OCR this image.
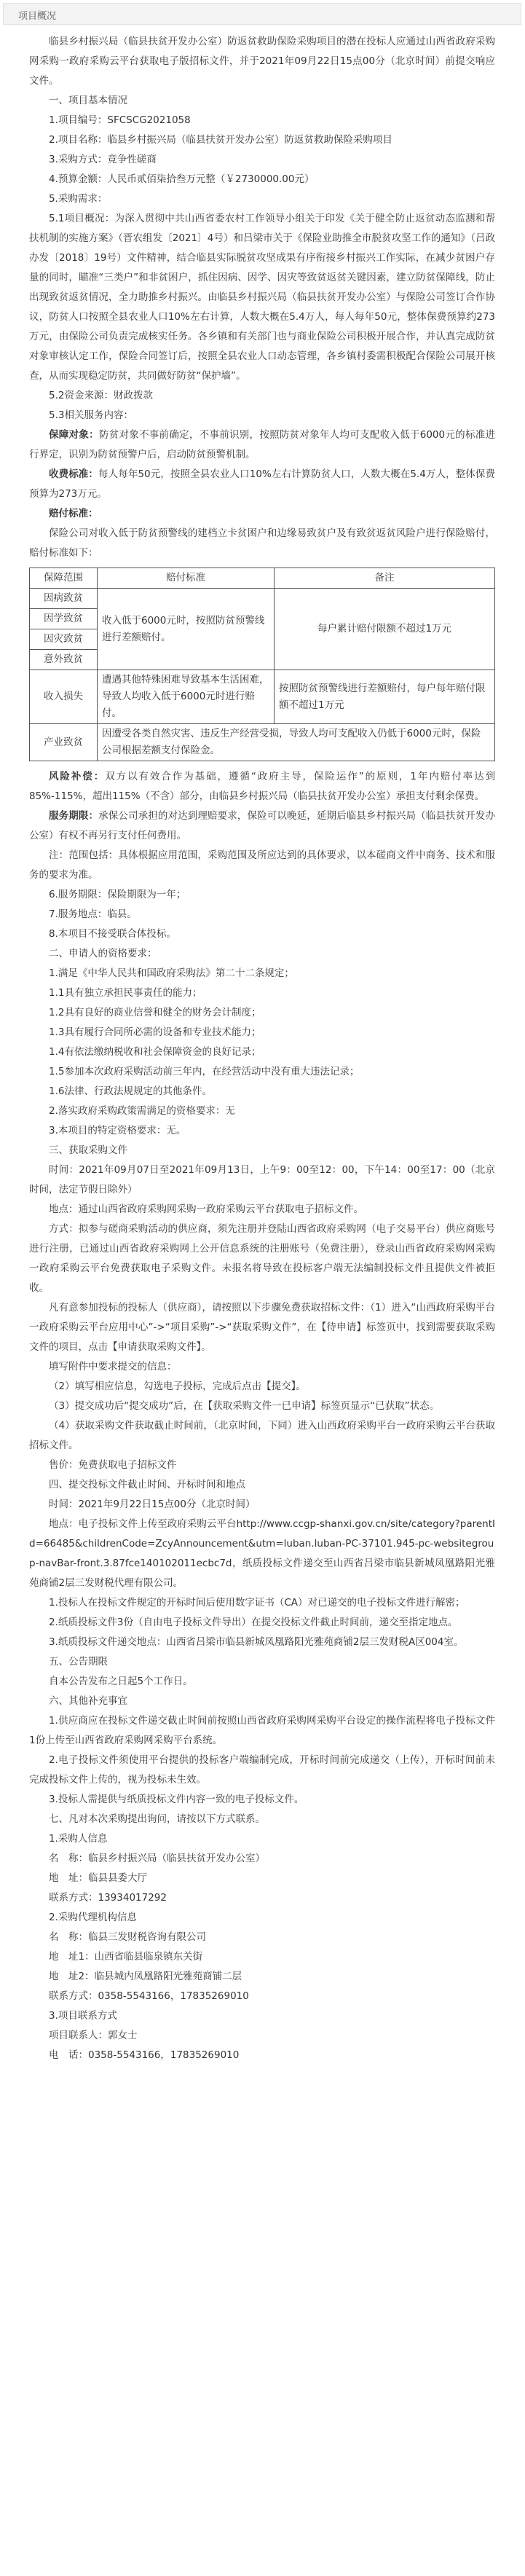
项目概况

临县乡村振兴局（临县扶贫开发办公室）防返贫救助保险采购项目的潜在投标人应通过山西省政府采购网采购一政府采购云平台获取电子版招标文件，并于2021年09月22日15点00分（北京时间）前提交响应文件。

一、项目基本情况

1.项目编号：SFCSCG2021058

2.项目名称：临县乡村振兴局（临县扶贫开发办公室）防返贫救助保险采购项目

3.采购方式：竞争性磋商

4.预算金额：人民币贰佰柒拾叁万元整（￥2730000.00元）

5.采购需求：

5.1项目概况：为深入贯彻中共山西省委农村工作领导小组关于印发《关于健全防止返贫动态监测和帮扶机制的实施方案》（晋农组发〔2021〕4号）和吕梁市关于《保险业助推全市脱贫攻坚工作的通知》（吕政办发〔2018〕19号）文件精神，结合临县实际脱贫攻坚成果有序衔接乡村振兴工作实际，在减少贫困户存量的同时，瞄准“三类户”和非贫困户，抓住因病、因学、因灾等致贫返贫关键因素，建立防贫保障线，防止出现致贫返贫情况，全力助推乡村振兴。由临县乡村振兴局（临县扶贫开发办公室）与保险公司签订合作协议，防贫人口按照全县农业人口10%左右计算，人数大概在5.4万人，每人每年50元，整体保费预算约273万元，由保险公司负责完成核实任务。各乡镇和有关部门也与商业保险公司积极开展合作，并认真完成防贫对象审核认定工作，保险合同签订后，按照全县农业人口动态管理，各乡镇村委需积极配合保险公司展开核查，从而实现稳定防贫，共同做好防贫“保护墙”。

5.2资金来源：财政拨款

5.3相关服务内容：

保障对象：防贫对象不事前确定，不事前识别，按照防贫对象年人均可支配收入低于6000元的标准进行界定，识别为防贫预警户后，启动防贫预警机制。

收费标准：每人每年50元，按照全县农业人口10%左右计算防贫人口，人数大概在5.4万人，整体保费预算为273万元。

赔付标准：

保险公司对收入低于防贫预警线的建档立卡贫困户和边缘易致贫户及有致贫返贫风险户进行保险赔付，赔付标准如下：

保障范围	赔付标准	备注
因病致贫	收入低于6000元时，按照防贫预警线进行差额赔付。	每户累计赔付限额不超过1万元
因学致贫		
因灾致贫		
意外致贫		
收入损失	遭遇其他特殊困难导致基本生活困难，导致人均收入低于6000元时进行赔付。	按照防贫预警线进行差额赔付，每户每年赔付限额不超过1万元
产业致贫	因遭受各类自然灾害、违反生产经营受损，导致人均可支配收入仍低于6000元时，保险公司根据差额支付保险金。	

风险补偿：双方以有效合作为基础，遵循“政府主导，保险运作”的原则，1年内赔付率达到85%-115%，超出115%（不含）部分，由临县乡村振兴局（临县扶贫开发办公室）承担支付剩余保费。

服务期限：承保公司承担的对达到理赔要求，保险可以晚延，延期后临县乡村振兴局（临县扶贫开发办公室）有权不再另行支付任何费用。

注：范围包括：具体根据应用范围，采购范围及所应达到的具体要求，以本磋商文件中商务、技术和服务的要求为准。

6.服务期限：保险期限为一年；

7.服务地点：临县。

8.本项目不接受联合体投标。

二、申请人的资格要求：

1.满足《中华人民共和国政府采购法》第二十二条规定；

1.1具有独立承担民事责任的能力；

1.2具有良好的商业信誉和健全的财务会计制度；

1.3具有履行合同所必需的设备和专业技术能力；

1.4有依法缴纳税收和社会保障资金的良好记录；

1.5参加本次政府采购活动前三年内，在经营活动中没有重大违法记录；

1.6法律、行政法规规定的其他条件。

2.落实政府采购政策需满足的资格要求：无

3.本项目的特定资格要求：无。

三、获取采购文件

时间：2021年09月07日至2021年09月13日，上午9：00至12：00，下午14：00至17：00（北京时间，法定节假日除外）

地点：通过山西省政府采购网采购一政府采购云平台获取电子招标文件。

方式：拟参与磋商采购活动的供应商，须先注册并登陆山西省政府采购网（电子交易平台）供应商账号进行注册，已通过山西省政府采购网上公开信息系统的注册账号（免费注册），登录山西省政府采购网采购一政府采购云平台免费获取电子采购文件。未报名将导致在投标客户端无法编制投标文件且提供文件被拒收。

凡有意参加投标的投标人（供应商），请按照以下步骤免费获取招标文件：（1）进入“山西政府采购平台一政府采购云平台应用中心”->“项目采购”->“获取采购文件”，在【待申请】标签页中，找到需要获取采购文件的项目，点击【申请获取采购文件】。

填写附件中要求提交的信息：

（2）填写相应信息，勾选电子投标，完成后点击【提交】。

（3）提交成功后“提交成功”后，在【获取采购文件一已申请】标签页显示“已获取”状态。

（4）获取采购文件获取截止时间前，（北京时间，下同）进入山西政府采购平台一政府采购云平台获取招标文件。

售价：免费获取电子招标文件

四、提交投标文件截止时间、开标时间和地点

时间：2021年9月22日15点00分（北京时间）

地点：电子投标文件上传至政府采购云平台http://www.ccgp-shanxi.gov.cn/site/category?parentId=66485&childrenCode=ZcyAnnouncement&utm=luban.luban-PC-37101.945-pc-websitegroup-navBar-front.3.87fce140102011ecbc7d，纸质投标文件递交至山西省吕梁市临县新城凤凰路阳光雅苑商铺2层三发财税代理有限公司。

1.投标人在投标文件规定的开标时间后使用数字证书（CA）对已递交的电子投标文件进行解密；

2.纸质投标文件3份（自由电子投标文件导出）在提交投标文件截止时间前，递交至指定地点。

3.纸质投标文件递交地点：山西省吕梁市临县新城凤凰路阳光雅苑商铺2层三发财税A区004室。

五、公告期限

自本公告发布之日起5个工作日。

六、其他补充事宜

1.供应商应在投标文件递交截止时间前按照山西省政府采购网采购平台设定的操作流程将电子投标文件1份上传至山西省政府采购网采购平台系统。

2.电子投标文件须使用平台提供的投标客户端编制完成，开标时间前完成递交（上传），开标时间前未完成投标文件上传的，视为投标未生效。

3.投标人需提供与纸质投标文件内容一致的电子投标文件。

七、凡对本次采购提出询问，请按以下方式联系。

1.采购人信息

名　称：临县乡村振兴局（临县扶贫开发办公室）

地　址：临县县委大厅

联系方式：13934017292

2.采购代理机构信息

名　称：临县三发财税咨询有限公司

地　址1：山西省临县临泉镇东关街

地　址2：临县城内凤凰路阳光雅苑商铺二层

联系方式：0358-5543166，17835269010

3.项目联系方式

项目联系人：郭女士

电　话：0358-5543166，17835269010
